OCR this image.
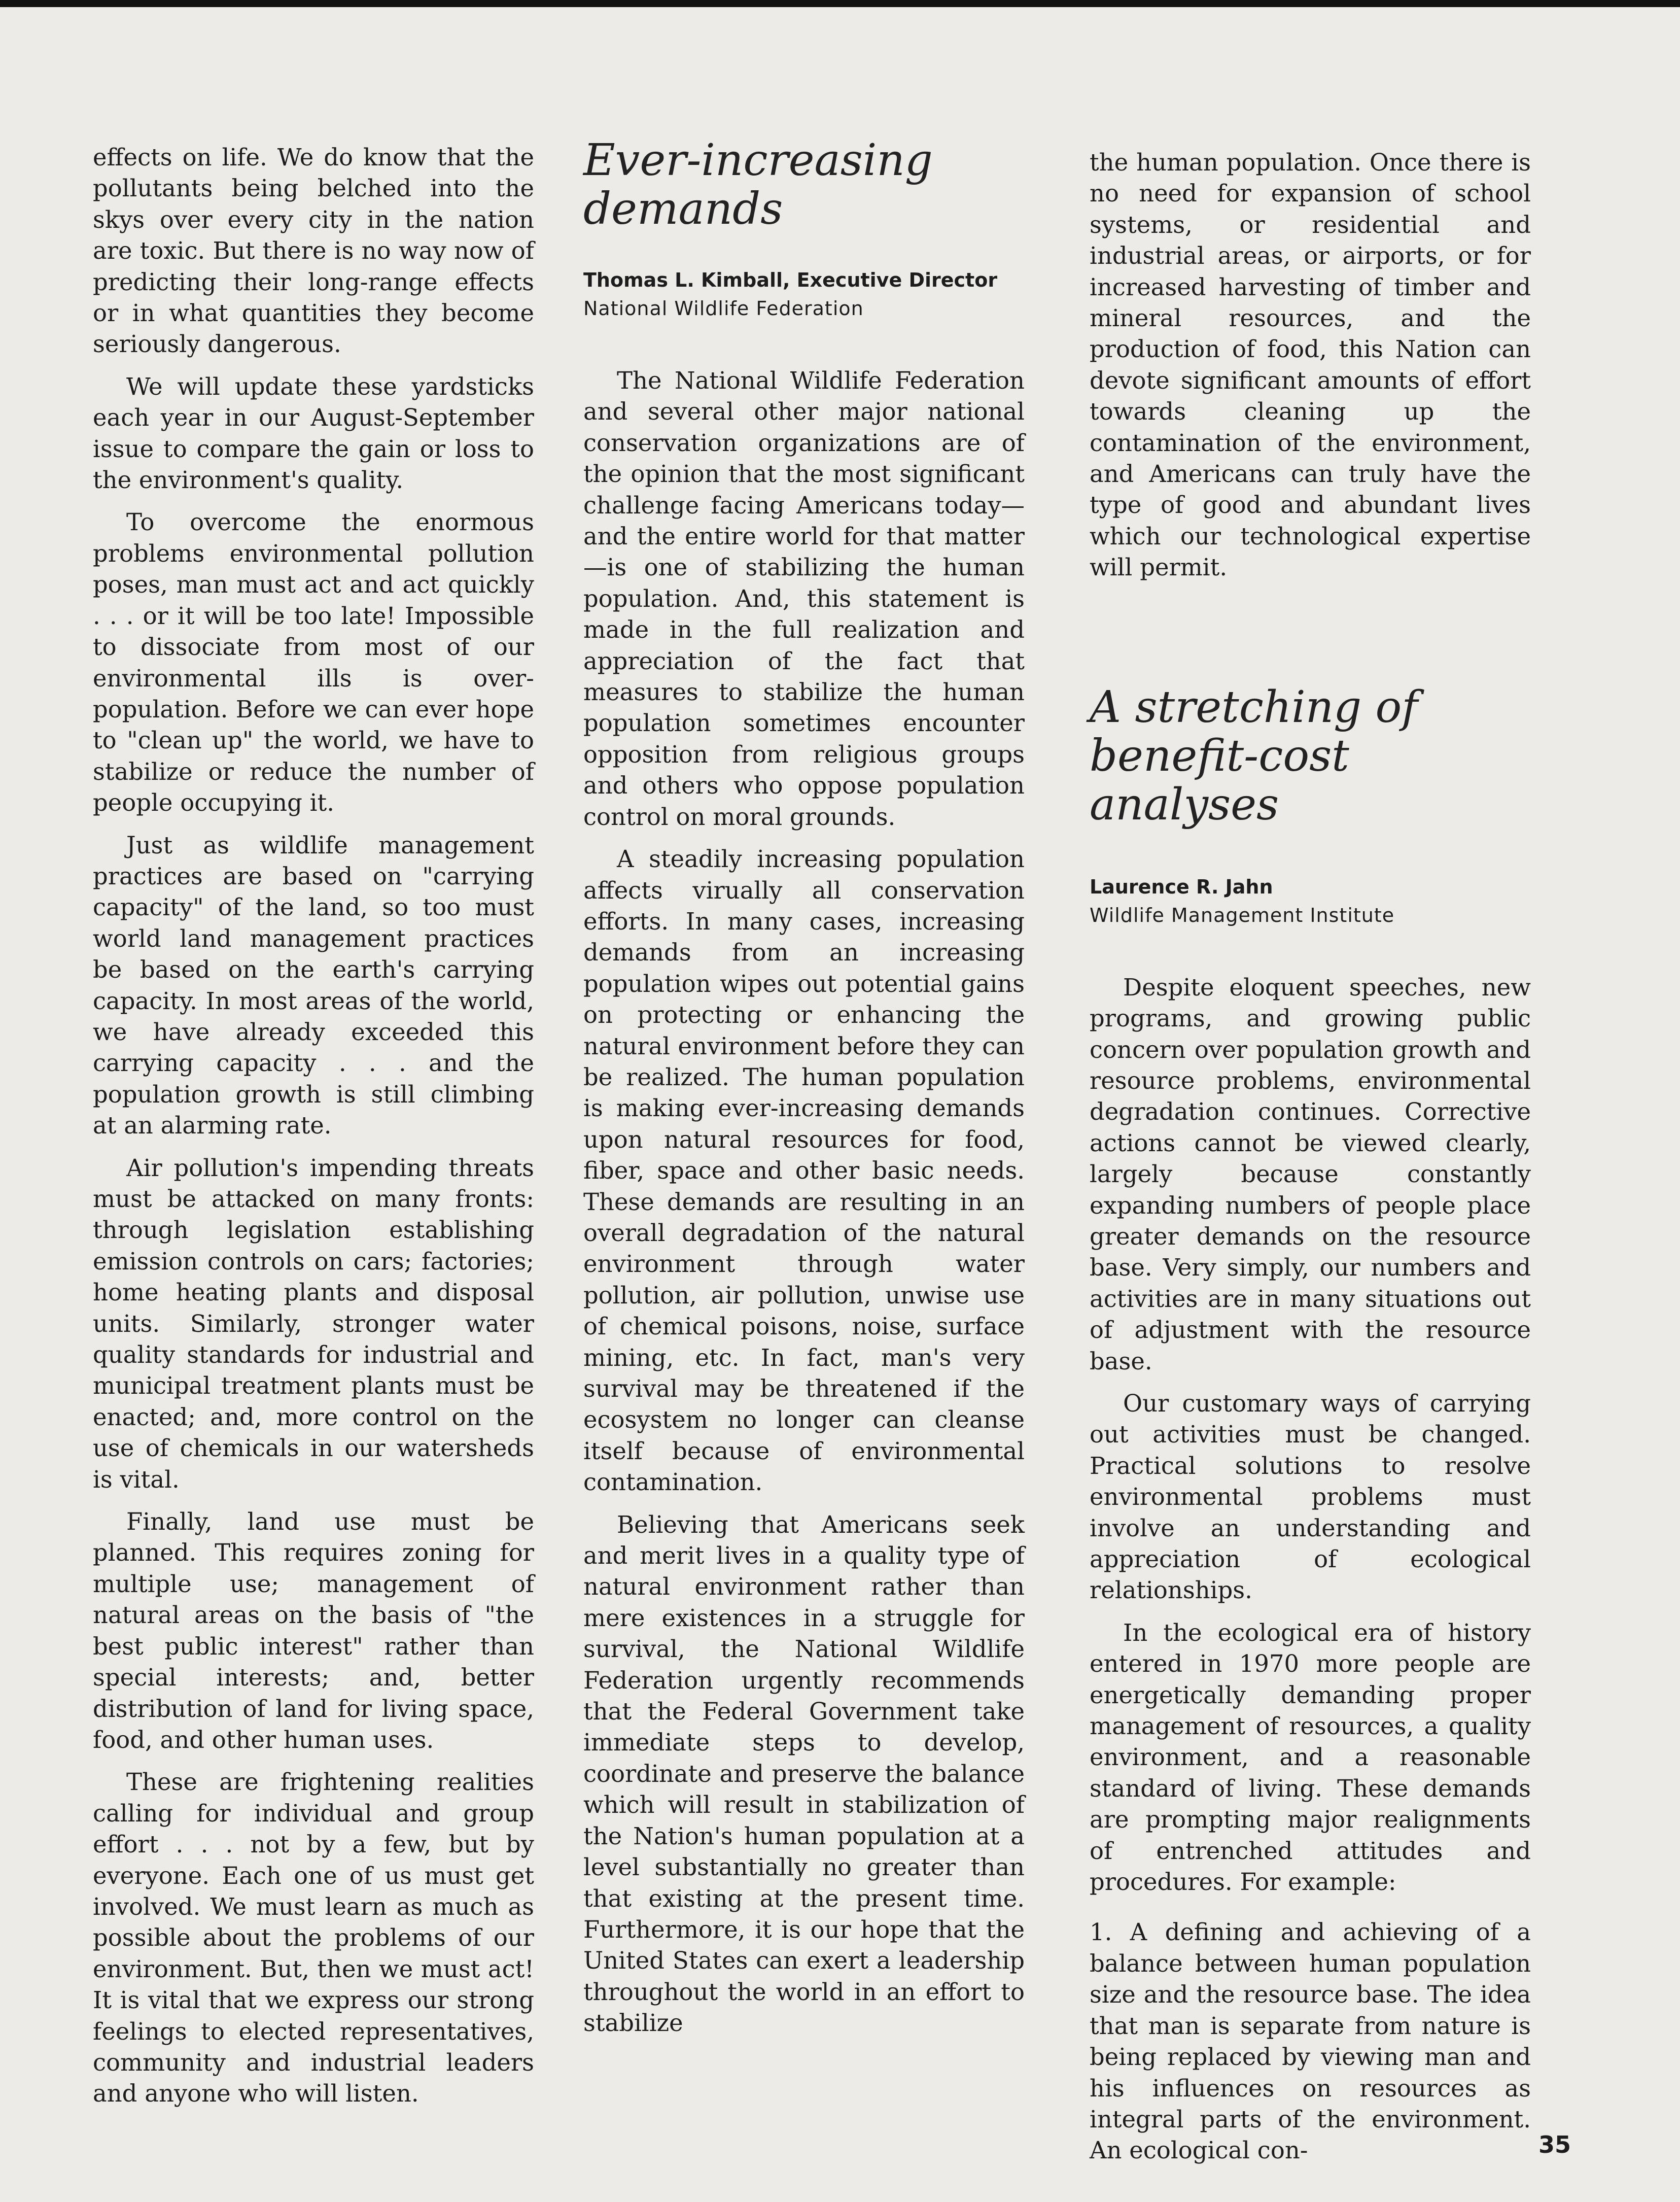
effects on life. We do know that the pollutants being belched into the skys over every city in the nation are toxic. But there is no way now of predicting their long-range effects or in what quantities they become seriously dangerous.

We will update these yardsticks each year in our August-September issue to compare the gain or loss to the environment's quality.

To overcome the enormous problems environmental pollution poses, man must act and act quickly . . . or it will be too late! Impossible to dissociate from most of our environmental ills is over-population. Before we can ever hope to "clean up" the world, we have to stabilize or reduce the number of people occupying it.

Just as wildlife management practices are based on "carrying capacity" of the land, so too must world land management practices be based on the earth's carrying capacity. In most areas of the world, we have already exceeded this carrying capacity . . . and the population growth is still climbing at an alarming rate.

Air pollution's impending threats must be attacked on many fronts: through legislation establishing emission controls on cars; factories; home heating plants and disposal units. Similarly, stronger water quality standards for industrial and municipal treatment plants must be enacted; and, more control on the use of chemicals in our watersheds is vital.

Finally, land use must be planned. This requires zoning for multiple use; management of natural areas on the basis of "the best public interest" rather than special interests; and, better distribution of land for living space, food, and other human uses.

These are frightening realities calling for individual and group effort . . . not by a few, but by everyone. Each one of us must get involved. We must learn as much as possible about the problems of our environment. But, then we must act! It is vital that we express our strong feelings to elected representatives, community and industrial leaders and anyone who will listen.

Ever-increasing demands
Thomas L. Kimball, Executive Director
National Wildlife Federation

The National Wildlife Federation and several other major national conservation organizations are of the opinion that the most significant challenge facing Americans today—and the entire world for that matter—is one of stabilizing the human population. And, this statement is made in the full realization and appreciation of the fact that measures to stabilize the human population sometimes encounter opposition from religious groups and others who oppose population control on moral grounds.

A steadily increasing population affects virually all conservation efforts. In many cases, increasing demands from an increasing population wipes out potential gains on protecting or enhancing the natural environment before they can be realized. The human population is making ever-increasing demands upon natural resources for food, fiber, space and other basic needs. These demands are resulting in an overall degradation of the natural environment through water pollution, air pollution, unwise use of chemical poisons, noise, surface mining, etc. In fact, man's very survival may be threatened if the ecosystem no longer can cleanse itself because of environmental contamination.

Believing that Americans seek and merit lives in a quality type of natural environment rather than mere existences in a struggle for survival, the National Wildlife Federation urgently recommends that the Federal Government take immediate steps to develop, coordinate and preserve the balance which will result in stabilization of the Nation's human population at a level substantially no greater than that existing at the present time. Furthermore, it is our hope that the United States can exert a leadership throughout the world in an effort to stabilize

the human population. Once there is no need for expansion of school systems, or residential and industrial areas, or airports, or for increased harvesting of timber and mineral resources, and the production of food, this Nation can devote significant amounts of effort towards cleaning up the contamination of the environment, and Americans can truly have the type of good and abundant lives which our technological expertise will permit.

A stretching of benefit-cost analyses
Laurence R. Jahn
Wildlife Management Institute

Despite eloquent speeches, new programs, and growing public concern over population growth and resource problems, environmental degradation continues. Corrective actions cannot be viewed clearly, largely because constantly expanding numbers of people place greater demands on the resource base. Very simply, our numbers and activities are in many situations out of adjustment with the resource base.

Our customary ways of carrying out activities must be changed. Practical solutions to resolve environmental problems must involve an understanding and appreciation of ecological relationships.

In the ecological era of history entered in 1970 more people are energetically demanding proper management of resources, a quality environment, and a reasonable standard of living. These demands are prompting major realignments of entrenched attitudes and procedures. For example:

1. A defining and achieving of a balance between human population size and the resource base. The idea that man is separate from nature is being replaced by viewing man and his influences on resources as integral parts of the environment. An ecological con-	35
